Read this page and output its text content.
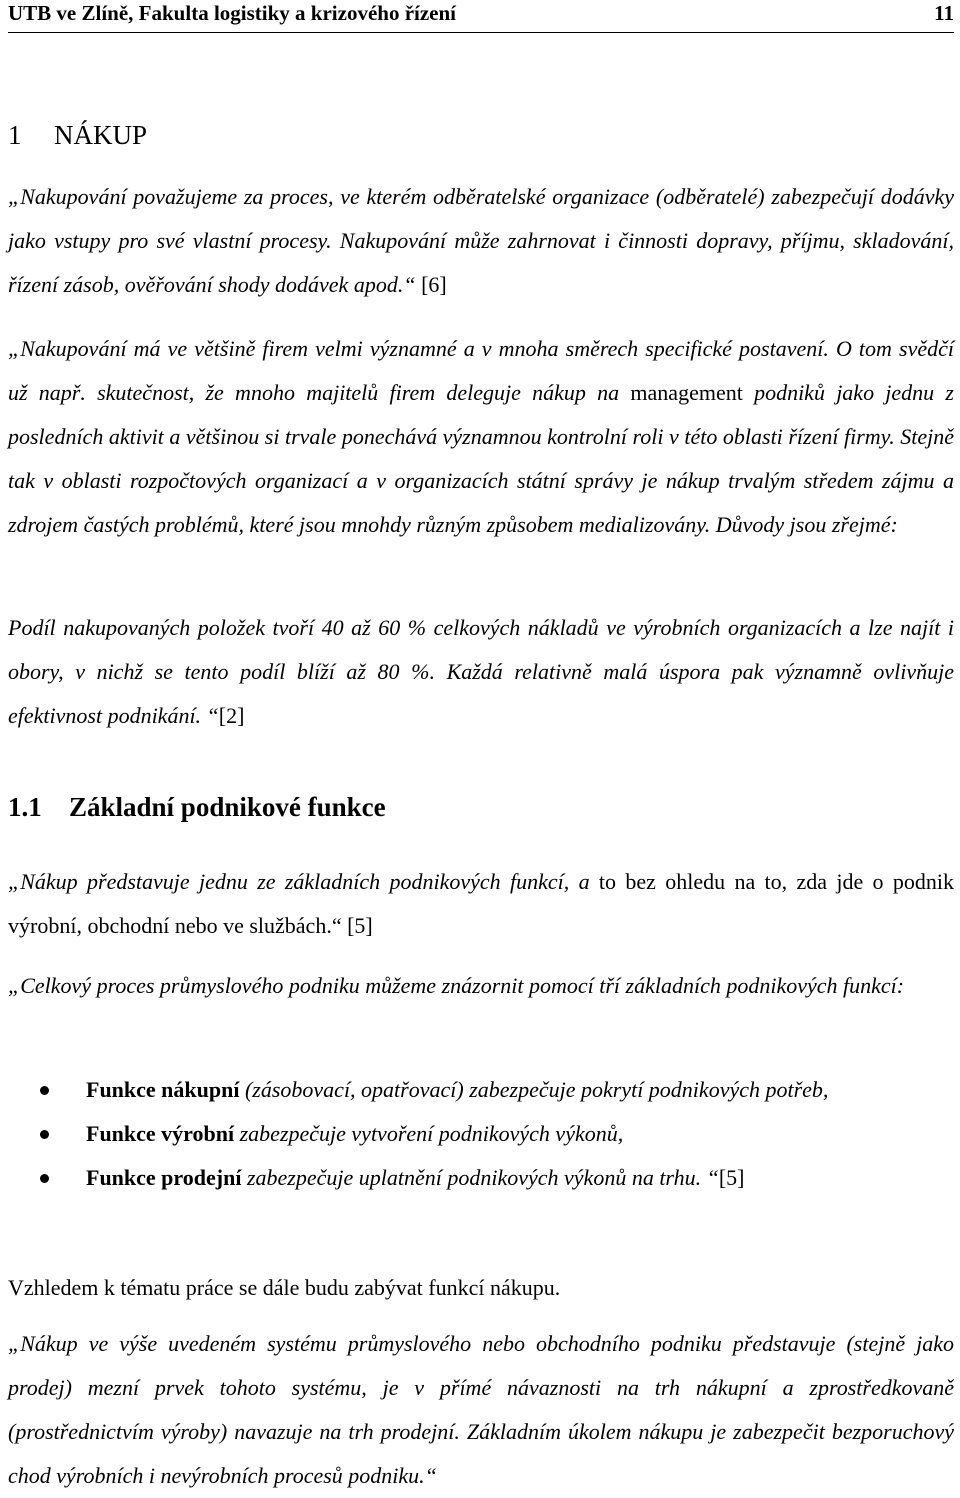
UTB ve Zlíně, Fakulta logistiky a krizového řízení	11
1 NÁKUP

„Nakupování považujeme za proces, ve kterém odběratelské organizace (odběratelé) zabezpečují dodávky jako vstupy pro své vlastní procesy. Nakupování může zahrnovat i činnosti dopravy, příjmu, skladování, řízení zásob, ověřování shody dodávek apod.“ [6]

„Nakupování má ve většině firem velmi významné a v mnoha směrech specifické postavení. O tom svědčí už např. skutečnost, že mnoho majitelů firem deleguje nákup na management podniků jako jednu z posledních aktivit a většinou si trvale ponechává významnou kontrolní roli v této oblasti řízení firmy. Stejně tak v oblasti rozpočtových organizací a v organizacích státní správy je nákup trvalým středem zájmu a zdrojem častých problémů, které jsou mnohdy různým způsobem medializovány. Důvody jsou zřejmé:

Podíl nakupovaných položek tvoří 40 až 60 % celkových nákladů ve výrobních organizacích a lze najít i obory, v nichž se tento podíl blíží až 80 %. Každá relativně malá úspora pak významně ovlivňuje efektivnost podnikání. “[2]

1.1 Základní podnikové funkce

„Nákup představuje jednu ze základních podnikových funkcí, a to bez ohledu na to, zda jde o podnik výrobní, obchodní nebo ve službách.“ [5]

„Celkový proces průmyslového podniku můžeme znázornit pomocí tří základních podnikových funkcí:

Funkce nákupní (zásobovací, opatřovací) zabezpečuje pokrytí podnikových potřeb,
Funkce výrobní zabezpečuje vytvoření podnikových výkonů,
Funkce prodejní zabezpečuje uplatnění podnikových výkonů na trhu. “[5]

Vzhledem k tématu práce se dále budu zabývat funkcí nákupu.

„Nákup ve výše uvedeném systému průmyslového nebo obchodního podniku představuje (stejně jako prodej) mezní prvek tohoto systému, je v přímé návaznosti na trh nákupní a zprostředkovaně (prostřednictvím výroby) navazuje na trh prodejní. Základním úkolem nákupu je zabezpečit bezporuchový chod výrobních i nevýrobních procesů podniku.“
